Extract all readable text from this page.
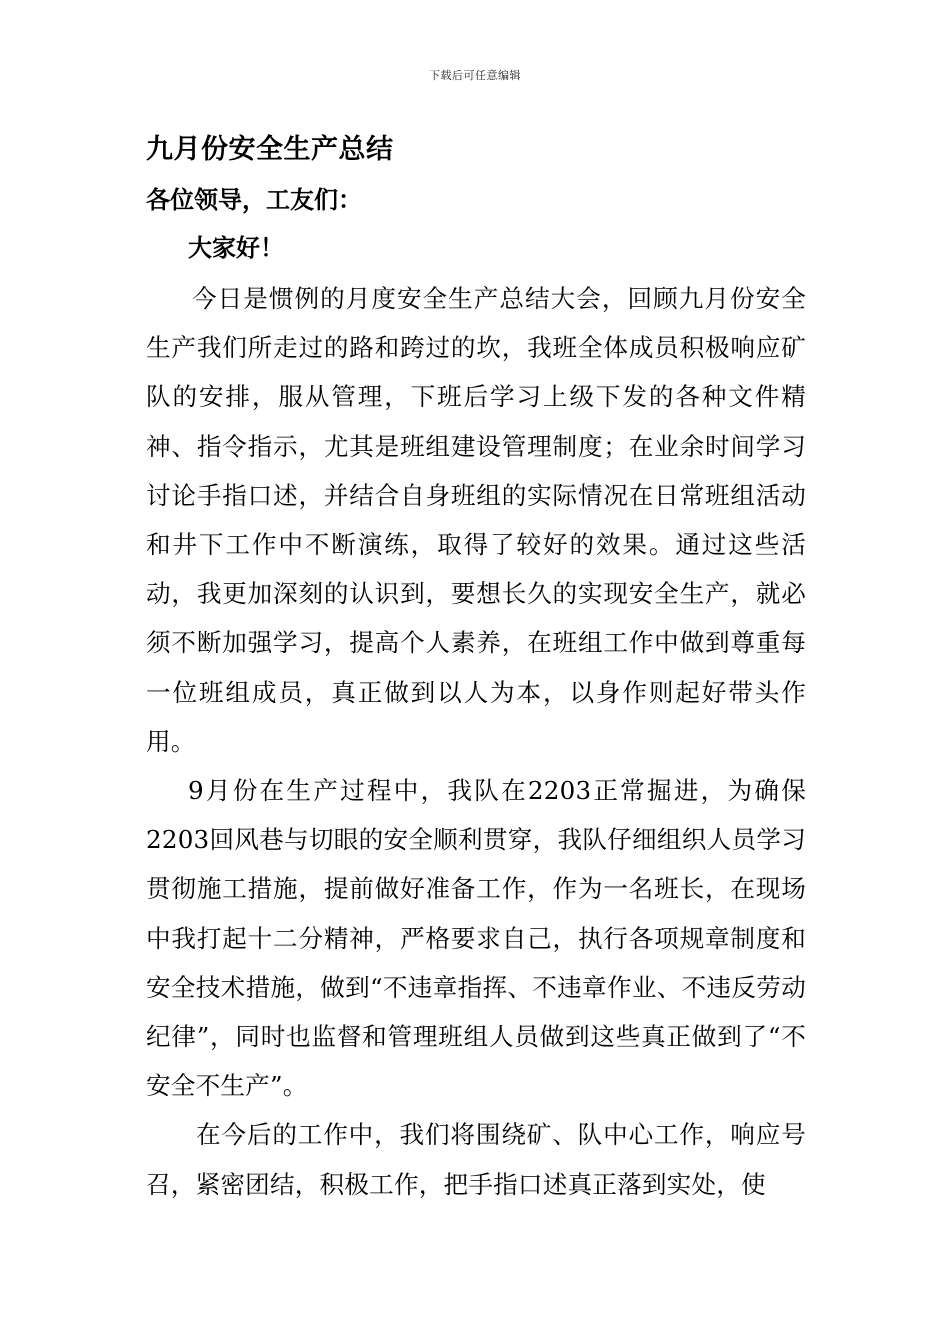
下载后可任意编辑
九月份安全生产总结
各位领导，工友们：
大家好！

今日是惯例的月度安全生产总结大会，回顾九月份安全生产我们所走过的路和跨过的坎，我班全体成员积极响应矿队的安排，服从管理，下班后学习上级下发的各种文件精神、指令指示，尤其是班组建设管理制度；在业余时间学习讨论手指口述，并结合自身班组的实际情况在日常班组活动和井下工作中不断演练，取得了较好的效果。通过这些活动，我更加深刻的认识到，要想长久的实现安全生产，就必须不断加强学习，提高个人素养，在班组工作中做到尊重每一位班组成员，真正做到以人为本，以身作则起好带头作用。

9月份在生产过程中，我队在2203正常掘进，为确保2203回风巷与切眼的安全顺利贯穿，我队仔细组织人员学习贯彻施工措施，提前做好准备工作，作为一名班长，在现场中我打起十二分精神，严格要求自己，执行各项规章制度和安全技术措施，做到“不违章指挥、不违章作业、不违反劳动纪律”，同时也监督和管理班组人员做到这些真正做到了“不安全不生产”。

在今后的工作中，我们将围绕矿、队中心工作，响应号召，紧密团结，积极工作，把手指口述真正落到实处，使
